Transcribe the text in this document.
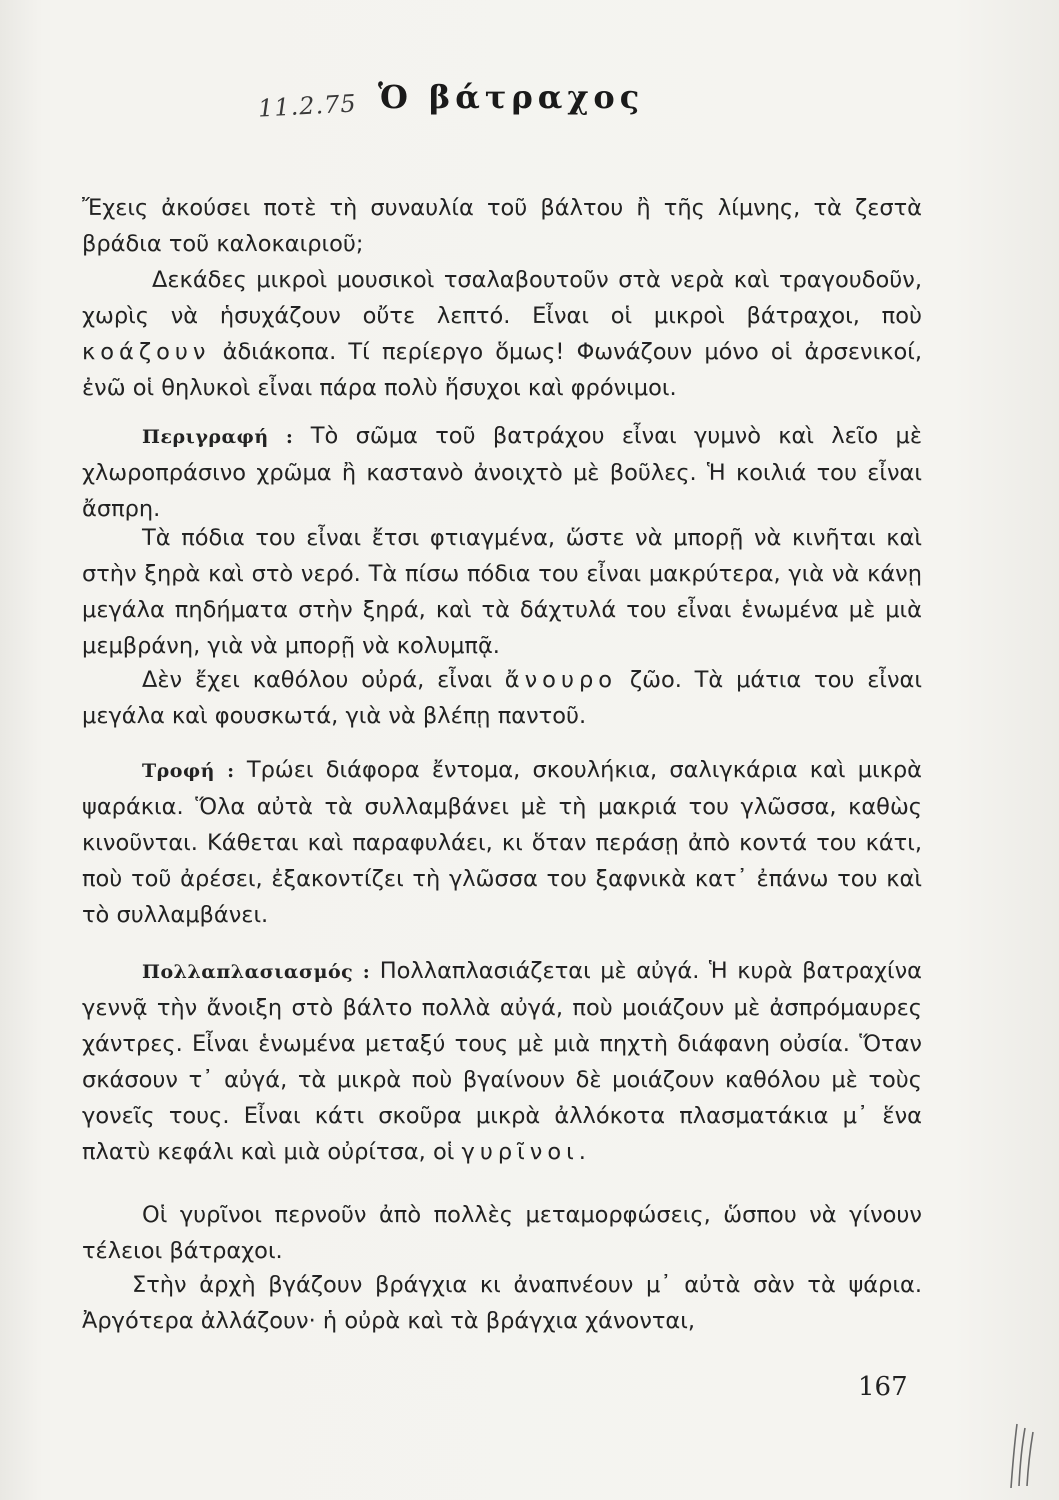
11.2.75 Ὁ βάτραχος
Ἔχεις ἀκούσει ποτὲ τὴ συναυλία τοῦ βάλτου ἢ τῆς λίμνης, τὰ ζεστὰ βράδια τοῦ καλοκαιριοῦ;
Δεκάδες μικροὶ μουσικοὶ τσαλαβουτοῦν στὰ νερὰ καὶ τραγουδοῦν, χωρὶς νὰ ἡσυχάζουν οὔτε λεπτό. Εἶναι οἱ μικροὶ βάτραχοι, ποὺ κοάζουν ἀδιάκοπα. Τί περίεργο ὅμως! Φωνάζουν μόνο οἱ ἀρσενικοί, ἐνῶ οἱ θηλυκοὶ εἶναι πάρα πολὺ ἥσυχοι καὶ φρόνιμοι.
Περιγραφή : Τὸ σῶμα τοῦ βατράχου εἶναι γυμνὸ καὶ λεῖο μὲ χλωροπράσινο χρῶμα ἢ καστανὸ ἀνοιχτὸ μὲ βοῦλες. Ἡ κοιλιά του εἶναι ἄσπρη.
Τὰ πόδια του εἶναι ἔτσι φτιαγμένα, ὥστε νὰ μπορῇ νὰ κινῆται καὶ στὴν ξηρὰ καὶ στὸ νερό. Τὰ πίσω πόδια του εἶναι μακρύτερα, γιὰ νὰ κάνῃ μεγάλα πηδήματα στὴν ξηρά, καὶ τὰ δάχτυλά του εἶναι ἑνωμένα μὲ μιὰ μεμβράνη, γιὰ νὰ μπορῇ νὰ κολυμπᾷ.
Δὲν ἔχει καθόλου οὐρά, εἶναι ἄνουρο ζῶο. Τὰ μάτια του εἶναι μεγάλα καὶ φουσκωτά, γιὰ νὰ βλέπῃ παντοῦ.
Τροφή : Τρώει διάφορα ἔντομα, σκουλήκια, σαλιγκάρια καὶ μικρὰ ψαράκια. Ὅλα αὐτὰ τὰ συλλαμβάνει μὲ τὴ μακριά του γλῶσσα, καθὼς κινοῦνται. Κάθεται καὶ παραφυλάει, κι ὅταν περάσῃ ἀπὸ κοντά του κάτι, ποὺ τοῦ ἀρέσει, ἐξακοντίζει τὴ γλῶσσα του ξαφνικὰ κατ᾿ ἐπάνω του καὶ τὸ συλλαμβάνει.
Πολλαπλασιασμός : Πολλαπλασιάζεται μὲ αὐγά. Ἡ κυρὰ βατραχίνα γεννᾷ τὴν ἄνοιξη στὸ βάλτο πολλὰ αὐγά, ποὺ μοιάζουν μὲ ἀσπρόμαυρες χάντρες. Εἶναι ἑνωμένα μεταξύ τους μὲ μιὰ πηχτὴ διάφανη οὐσία. Ὅταν σκάσουν τ᾿ αὐγά, τὰ μικρὰ ποὺ βγαίνουν δὲ μοιάζουν καθόλου μὲ τοὺς γονεῖς τους. Εἶναι κάτι σκοῦρα μικρὰ ἀλλόκοτα πλασματάκια μ᾿ ἕνα πλατὺ κεφάλι καὶ μιὰ οὐρίτσα, οἱ γυρῖνοι.
Οἱ γυρῖνοι περνοῦν ἀπὸ πολλὲς μεταμορφώσεις, ὥσπου νὰ γίνουν τέλειοι βάτραχοι.
Στὴν ἀρχὴ βγάζουν βράγχια κι ἀναπνέουν μ᾿ αὐτὰ σὰν τὰ ψάρια. Ἀργότερα ἀλλάζουν· ἡ οὐρὰ καὶ τὰ βράγχια χάνονται,
167
